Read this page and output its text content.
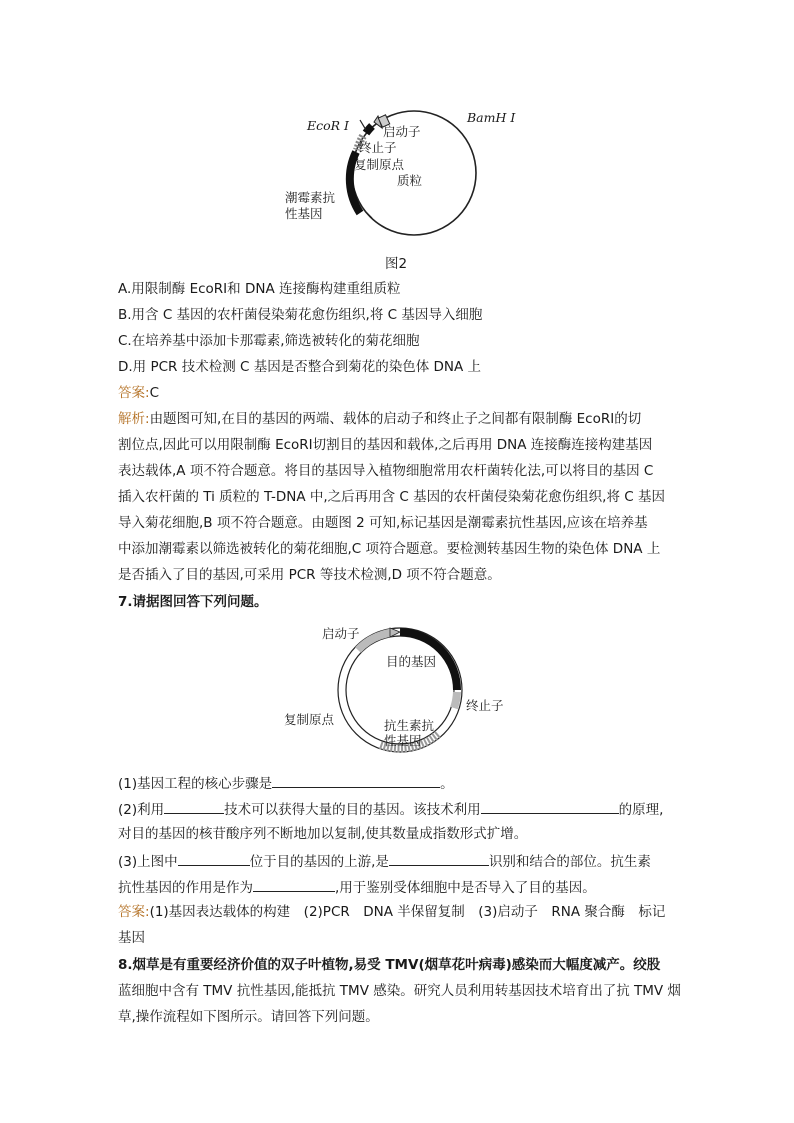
EcoR Ⅰ
BamH Ⅰ
启动子
终止子
复制原点
质粒
潮霉素抗
性基因
图2
A.用限制酶 EcoRⅠ和 DNA 连接酶构建重组质粒
B.用含 C 基因的农杆菌侵染菊花愈伤组织,将 C 基因导入细胞
C.在培养基中添加卡那霉素,筛选被转化的菊花细胞
D.用 PCR 技术检测 C 基因是否整合到菊花的染色体 DNA 上
答案:C
解析:由题图可知,在目的基因的两端、载体的启动子和终止子之间都有限制酶 EcoRⅠ的切
割位点,因此可以用限制酶 EcoRⅠ切割目的基因和载体,之后再用 DNA 连接酶连接构建基因
表达载体,A 项不符合题意。将目的基因导入植物细胞常用农杆菌转化法,可以将目的基因 C
插入农杆菌的 Ti 质粒的 T-DNA 中,之后再用含 C 基因的农杆菌侵染菊花愈伤组织,将 C 基因
导入菊花细胞,B 项不符合题意。由题图 2 可知,标记基因是潮霉素抗性基因,应该在培养基
中添加潮霉素以筛选被转化的菊花细胞,C 项符合题意。要检测转基因生物的染色体 DNA 上
是否插入了目的基因,可采用 PCR 等技术检测,D 项不符合题意。
7.请据图回答下列问题。
启动子
目的基因
终止子
复制原点	抗生素抗
性基因
(1)基因工程的核心步骤是	。
(2)利用	技术可以获得大量的目的基因。该技术利用	的原理,
对目的基因的核苷酸序列不断地加以复制,使其数量成指数形式扩增。
(3)上图中	位于目的基因的上游,是	识别和结合的部位。抗生素
抗性基因的作用是作为	,用于鉴别受体细胞中是否导入了目的基因。
答案:(1)基因表达载体的构建　(2)PCR　DNA 半保留复制　(3)启动子　RNA 聚合酶　标记
基因
8.烟草是有重要经济价值的双子叶植物,易受 TMV(烟草花叶病毒)感染而大幅度减产。绞股
蓝细胞中含有 TMV 抗性基因,能抵抗 TMV 感染。研究人员利用转基因技术培育出了抗 TMV 烟
草,操作流程如下图所示。请回答下列问题。
